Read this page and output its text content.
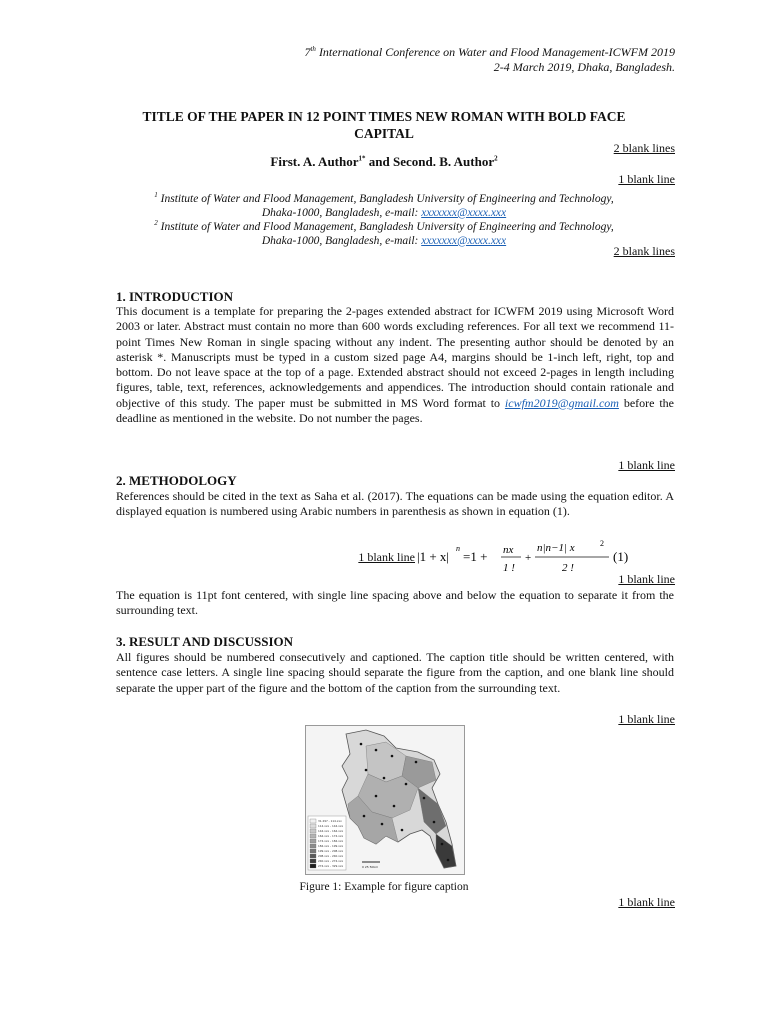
7th International Conference on Water and Flood Management-ICWFM 2019
2-4 March 2019, Dhaka, Bangladesh.
TITLE OF THE PAPER IN 12 POINT TIMES NEW ROMAN WITH BOLD FACE
CAPITAL
2 blank lines
First. A. Author$^{1*}$ and Second. B. Author$^2$
1 blank line
$^1$ Institute of Water and Flood Management, Bangladesh University of Engineering and Technology,
Dhaka-1000, Bangladesh, e-mail: xxxxxxx@xxxx.xxx
$^2$ Institute of Water and Flood Management, Bangladesh University of Engineering and Technology,
Dhaka-1000, Bangladesh, e-mail: xxxxxxx@xxxx.xxx
2 blank lines
1. INTRODUCTION
This document is a template for preparing the 2-pages extended abstract for ICWFM 2019 using Microsoft Word 2003 or later. Abstract must contain no more than 600 words excluding references. For all text we recommend 11-point Times New Roman in single spacing without any indent. The presenting author should be denoted by an asterisk *. Manuscripts must be typed in a custom sized page A4, margins should be 1-inch left, right, top and bottom. Do not leave space at the top of a page. Extended abstract should not exceed 2-pages in length including figures, table, text, references, acknowledgements and appendices. The introduction should contain rationale and objective of this study. The paper must be submitted in MS Word format to icwfm2019@gmail.com before the deadline as mentioned in the website. Do not number the pages.
1 blank line
2. METHODOLOGY
References should be cited in the text as Saha et al. (2017). The equations can be made using the equation editor. A displayed equation is numbered using Arabic numbers in parenthesis as shown in equation (1).
1 blank line |1 + x|
n
=1 + nx
1 !
+
n|n−1| x	2
2 !
(1)
1 blank line
The equation is 11pt font centered, with single line spacing above and below the equation to separate it from the surrounding text.
3. RESULT AND DISCUSSION
All figures should be numbered consecutively and captioned. The caption title should be written centered, with sentence case letters. A single line spacing should separate the figure from the caption, and one blank line should separate the upper part of the figure and the bottom of the caption from the surrounding text.
1 blank line
31.297 - 114.xxx
114.xxx - 144.xxx
144.xxx - 164.xxx
164.xxx - 174.xxx
174.xxx - 184.xxx
184.xxx - 199.xxx
199.xxx - 208.xxx
208.xxx - 240.xxx
240.xxx - 274.xxx
274.xxx - 329.xxx	0 25 50km
Figure 1: Example for figure caption
1 blank line
